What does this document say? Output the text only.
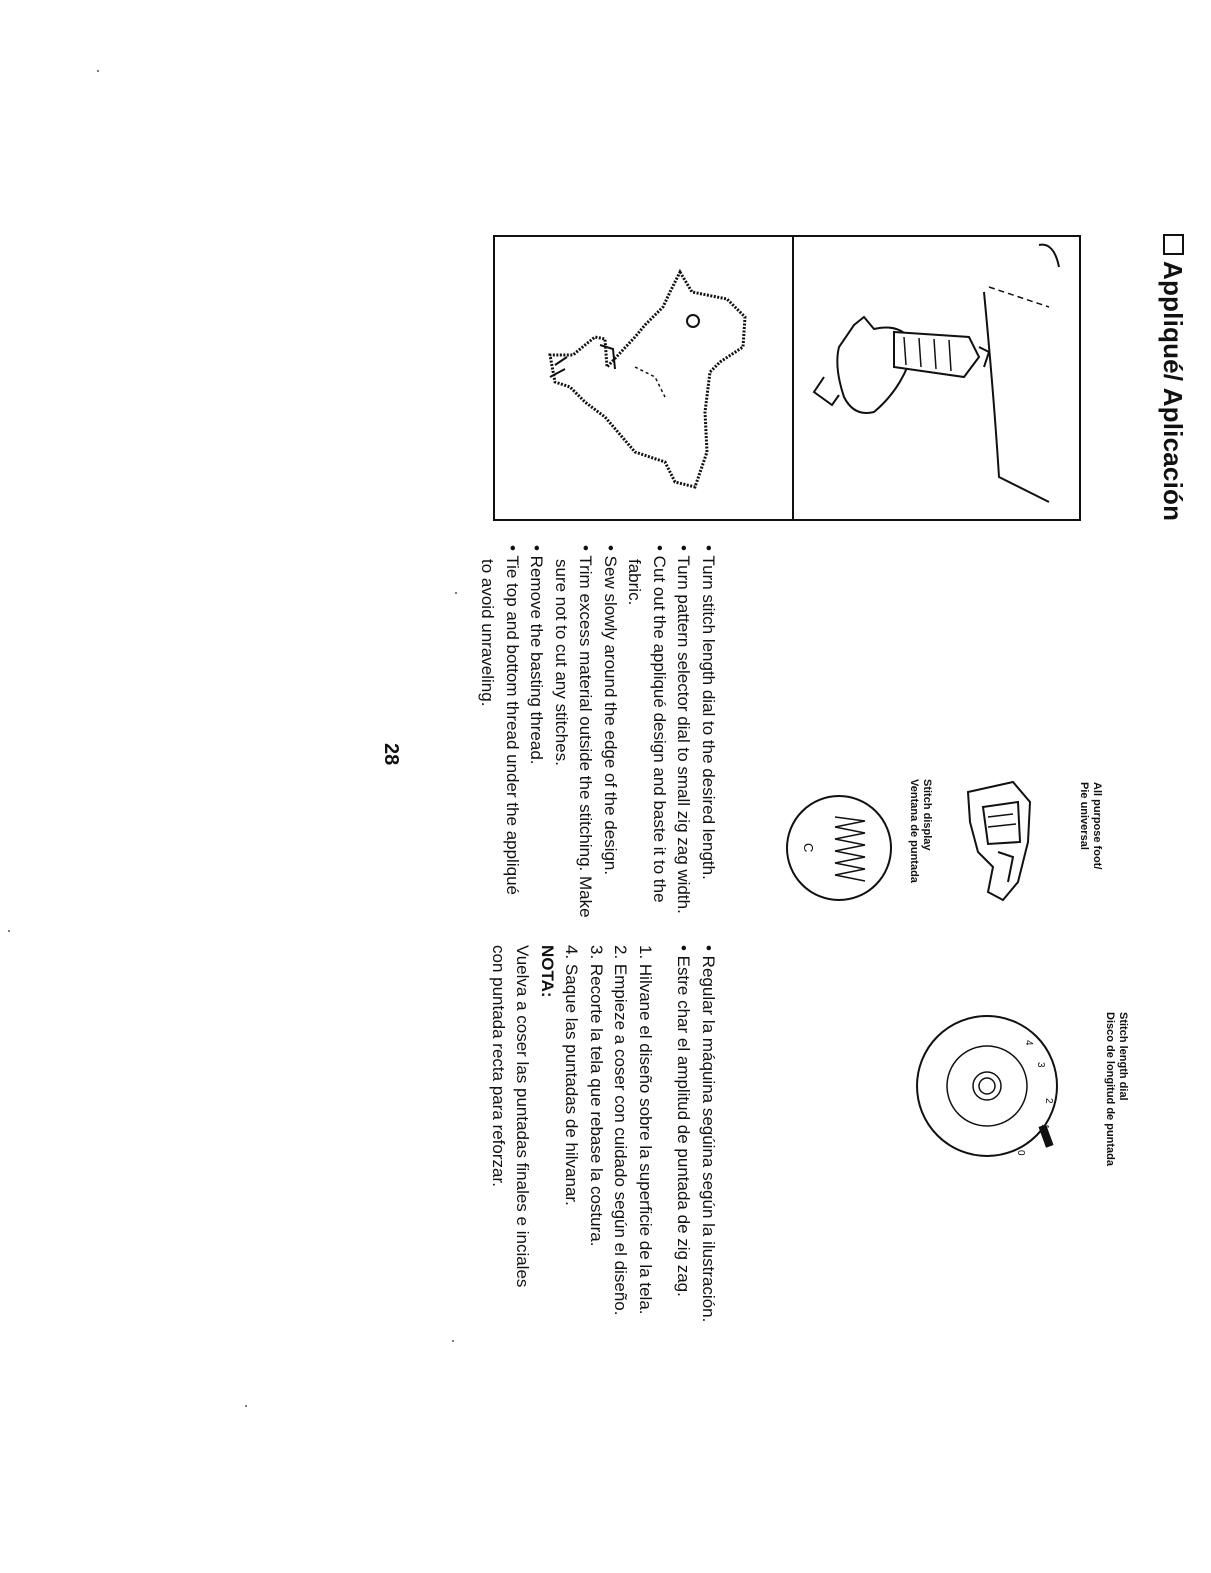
Appliqué/ Aplicación
All purpose foot/
Pie universal
Stitch display
Ventana de puntada
C
Stitch length dial
Disco de longitud de puntada
4
3
2
1
0
• Turn stitch length dial to the desired length.
• Turn pattern selector dial to small zig zag width.
• Cut out the appliqué design and baste it to the
fabric.
• Sew slowly around the edge of the design.
• Trim excess material outside the stitching. Make
sure not to cut any stitches.
• Remove the basting thread.
• Tie top and bottom thread under the appliqué
to avoid unraveling.
• Regular la máquina segúina según la ilustración.
• Estre char el amplitud de puntada de zig zag.
1. Hilvane el diseño sobre la superficie de la tela.
2. Empieze a coser con cuidado según el diseño.
3. Recorte la tela que rebase la costura.
4. Saque las puntadas de hilvanar.
NOTA:
Vuelva a coser las puntadas finales e inciales
con puntada recta para reforzar.
28
